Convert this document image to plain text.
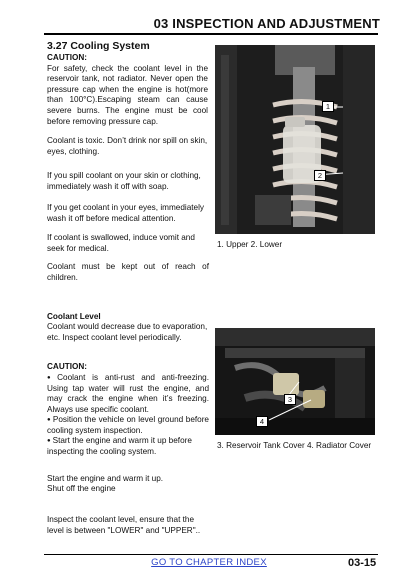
03 INSPECTION AND ADJUSTMENT
3.27 Cooling System
CAUTION:
For safety, check the coolant level in the reservoir tank, not radiator. Never open the pressure cap when the engine is hot(more than 100°C).Escaping steam can cause severe burns. The engine must be cool before removing pressure cap.
Coolant is toxic. Don’t drink nor spill on skin, eyes, clothing.
If you spill coolant on your skin or clothing, immediately wash it off with soap.
If you get coolant in your eyes, immediately wash it off before medical attention.
If coolant is swallowed, induce vomit and seek for medical.
Coolant must be kept out of reach of children.
1
2
1. Upper 2. Lower
Coolant Level
Coolant would decrease due to evaporation, etc. Inspect coolant level periodically.
CAUTION:
● Coolant is anti-rust and anti-freezing. Using tap water will rust the engine, and may crack the engine when it’s freezing. Always use specific coolant.
● Position the vehicle on level ground before cooling system inspection.
● Start the engine and warm it up before inspecting the cooling system.
Start the engine and warm it up.
Shut off the engine
Inspect the coolant level, ensure that the level is between "LOWER" and "UPPER"..
3
4
3. Reservoir Tank Cover 4. Radiator Cover
GO TO CHAPTER INDEX	03-15
